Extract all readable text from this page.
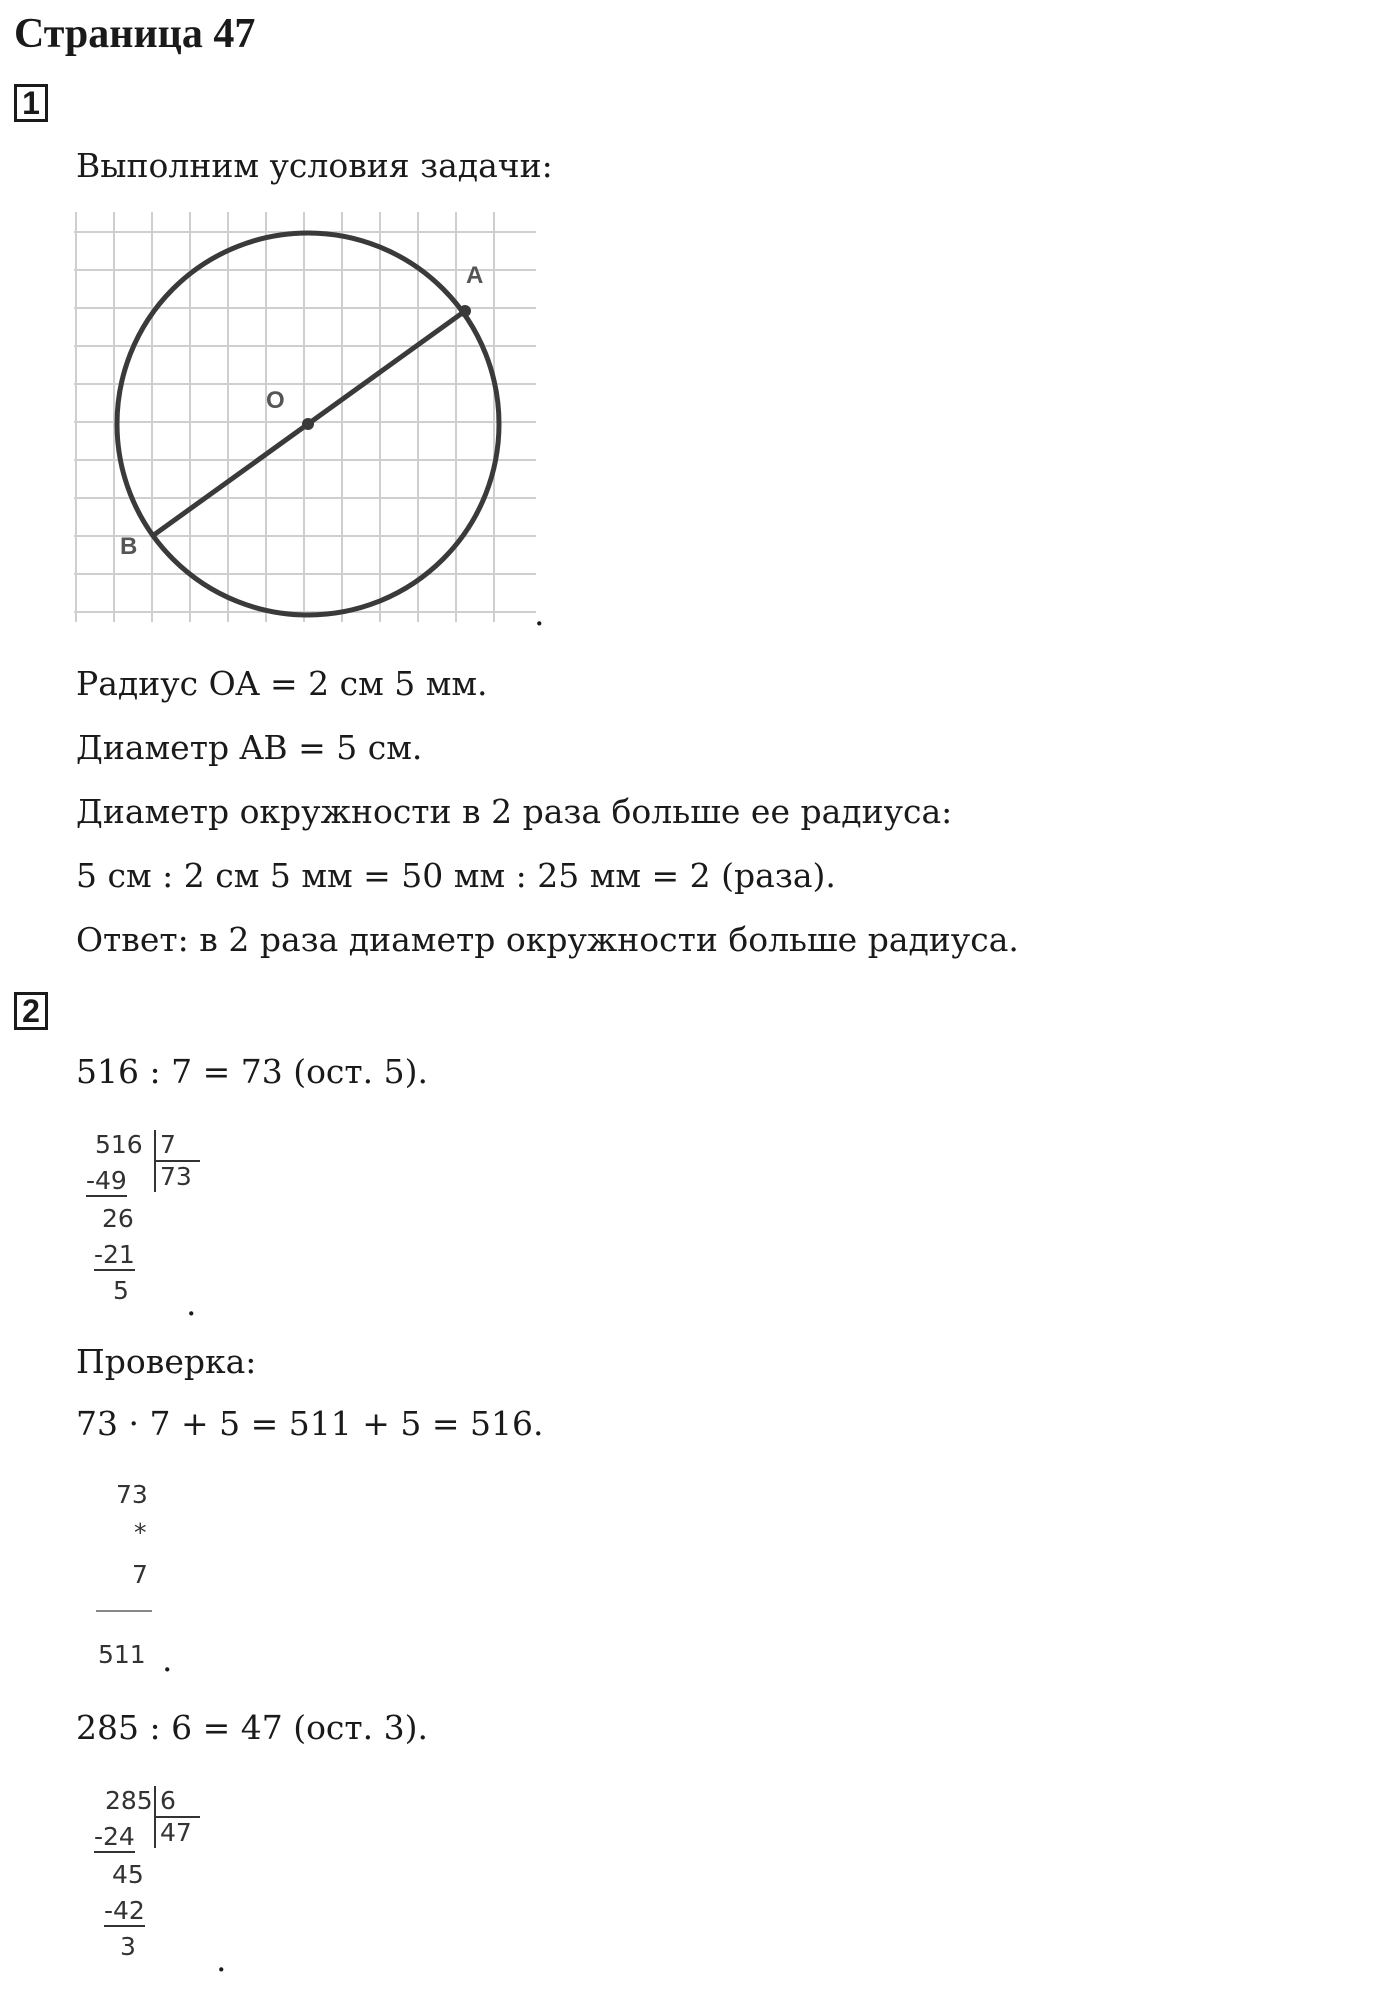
Страница 47
1
Выполним условия задачи:
A
O
B
.
Радиус OA = 2 см 5 мм.
Диаметр AB = 5 см.
Диаметр окружности в 2 раза больше ее радиуса:
5 см : 2 см 5 мм = 50 мм : 25 мм = 2 (раза).
Ответ: в 2 раза диаметр окружности больше радиуса.
2
516 : 7 = 73 (ост. 5).
516 7
73
-49
26
-21
5 .
Проверка:
73 · 7 + 5 = 511 + 5 = 516.
73
*
7
511 .
285 : 6 = 47 (ост. 3).
285 6
47
-24
45
-42
3 .
